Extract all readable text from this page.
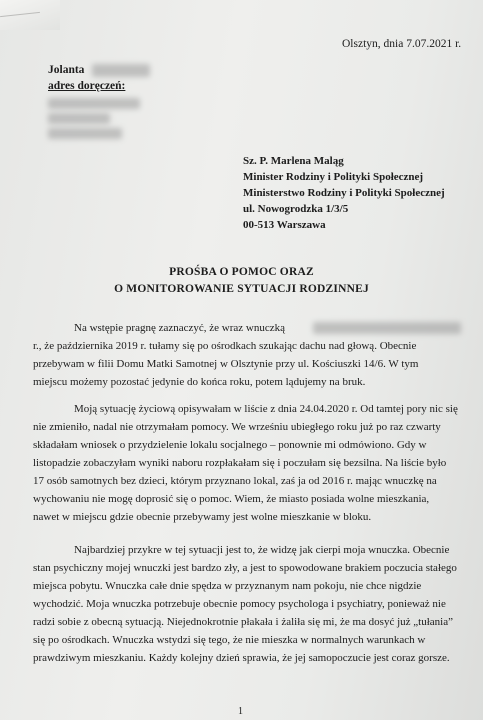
Olsztyn, dnia 7.07.2021 r.
Jolanta
adres doręczeń:
Sz. P. Marlena Maląg
Minister Rodziny i Polityki Społecznej
Ministerstwo Rodziny i Polityki Społecznej
ul. Nowogrodzka 1/3/5
00-513 Warszawa
PROŚBA O POMOC ORAZ
O MONITOROWANIE SYTUACJI RODZINNEJ
Na wstępie pragnę zaznaczyć, że wraz wnuczką
r., że października 2019 r. tułamy się po ośrodkach szukając dachu nad głową. Obecnie
przebywam w filii Domu Matki Samotnej w Olsztynie przy ul. Kościuszki 14/6. W tym
miejscu możemy pozostać jedynie do końca roku, potem lądujemy na bruk.
Moją sytuację życiową opisywałam w liście z dnia 24.04.2020 r. Od tamtej pory nic się
nie zmieniło, nadal nie otrzymałam pomocy. We wrześniu ubiegłego roku już po raz czwarty
składałam wniosek o przydzielenie lokalu socjalnego – ponownie mi odmówiono. Gdy w
listopadzie zobaczyłam wyniki naboru rozpłakałam się i poczułam się bezsilna. Na liście było
17 osób samotnych bez dzieci, którym przyznano lokal, zaś ja od 2016 r. mając wnuczkę na
wychowaniu nie mogę doprosić się o pomoc. Wiem, że miasto posiada wolne mieszkania,
nawet w miejscu gdzie obecnie przebywamy jest wolne mieszkanie w bloku.
Najbardziej przykre w tej sytuacji jest to, że widzę jak cierpi moja wnuczka. Obecnie
stan psychiczny mojej wnuczki jest bardzo zły, a jest to spowodowane brakiem poczucia stałego
miejsca pobytu. Wnuczka całe dnie spędza w przyznanym nam pokoju, nie chce nigdzie
wychodzić. Moja wnuczka potrzebuje obecnie pomocy psychologa i psychiatry, ponieważ nie
radzi sobie z obecną sytuacją. Niejednokrotnie płakała i żaliła się mi, że ma dosyć już „tułania”
się po ośrodkach. Wnuczka wstydzi się tego, że nie mieszka w normalnych warunkach w
prawdziwym mieszkaniu. Każdy kolejny dzień sprawia, że jej samopoczucie jest coraz gorsze.
1
